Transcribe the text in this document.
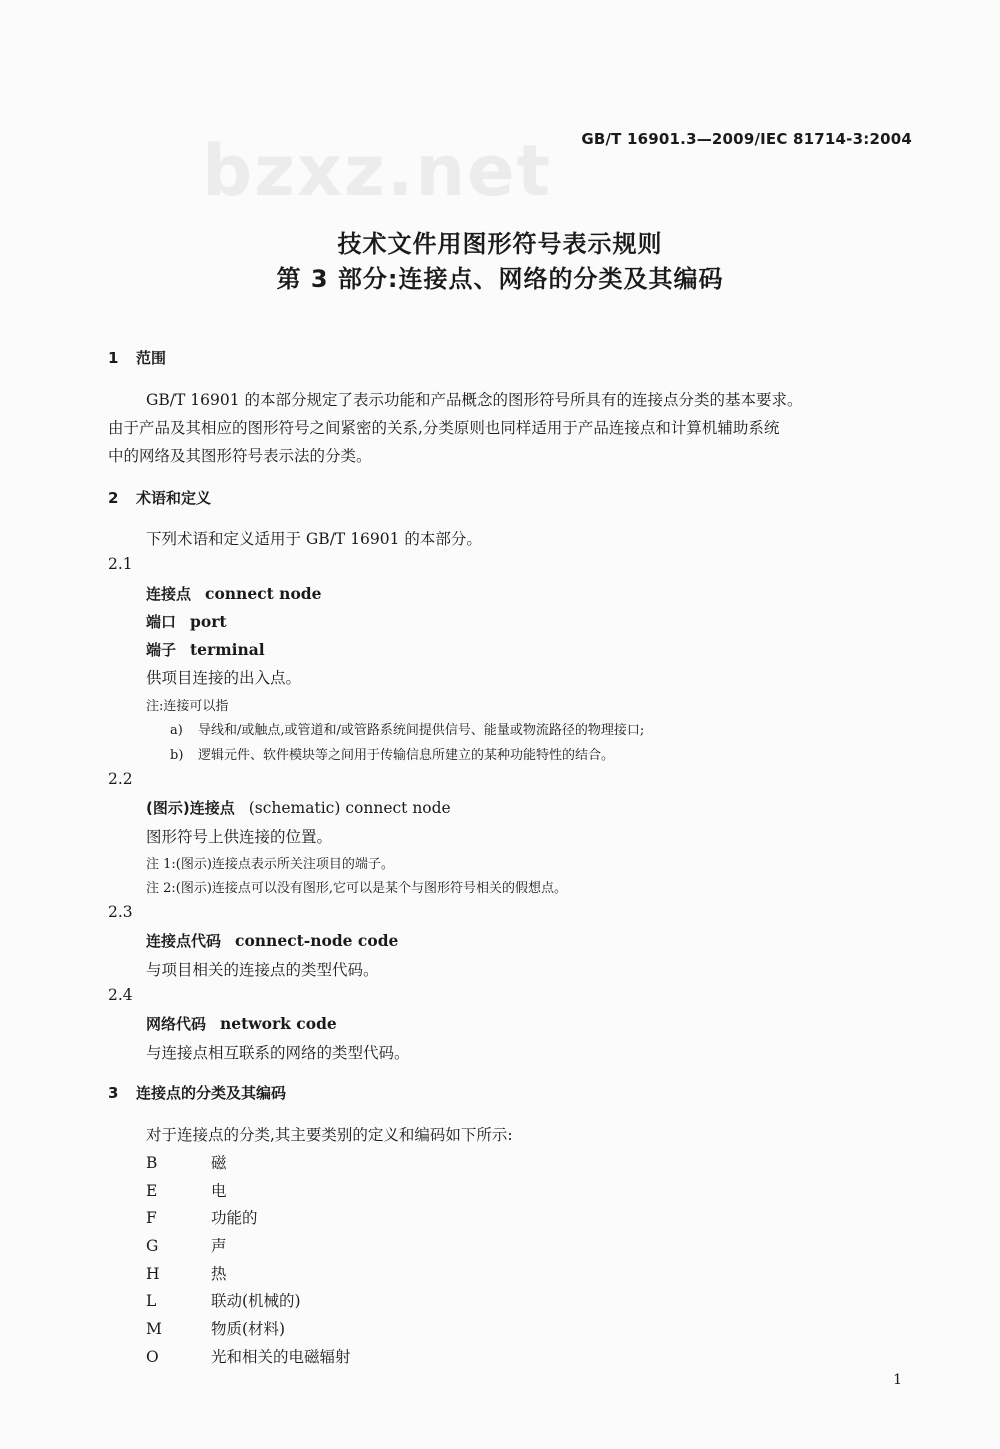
bzxz.net GB/T 16901.3—2009/IEC 81714-3:2004
技术文件用图形符号表示规则
第 3 部分:连接点、网络的分类及其编码
1 范围
GB/T 16901 的本部分规定了表示功能和产品概念的图形符号所具有的连接点分类的基本要求。
由于产品及其相应的图形符号之间紧密的关系,分类原则也同样适用于产品连接点和计算机辅助系统
中的网络及其图形符号表示法的分类。
2 术语和定义
下列术语和定义适用于 GB/T 16901 的本部分。
2.1
连接点 connect node
端口 port
端子 terminal
供项目连接的出入点。
注:连接可以指
a) 导线和/或触点,或管道和/或管路系统间提供信号、能量或物流路径的物理接口;
b) 逻辑元件、软件模块等之间用于传输信息所建立的某种功能特性的结合。
2.2
(图示)连接点 (schematic) connect node
图形符号上供连接的位置。
注 1:(图示)连接点表示所关注项目的端子。
注 2:(图示)连接点可以没有图形,它可以是某个与图形符号相关的假想点。
2.3
连接点代码 connect-node code
与项目相关的连接点的类型代码。
2.4
网络代码 network code
与连接点相互联系的网络的类型代码。
3 连接点的分类及其编码
对于连接点的分类,其主要类别的定义和编码如下所示:
B	磁
E	电
F	功能的
G	声
H	热
L	联动(机械的)
M	物质(材料)
O	光和相关的电磁辐射
1
